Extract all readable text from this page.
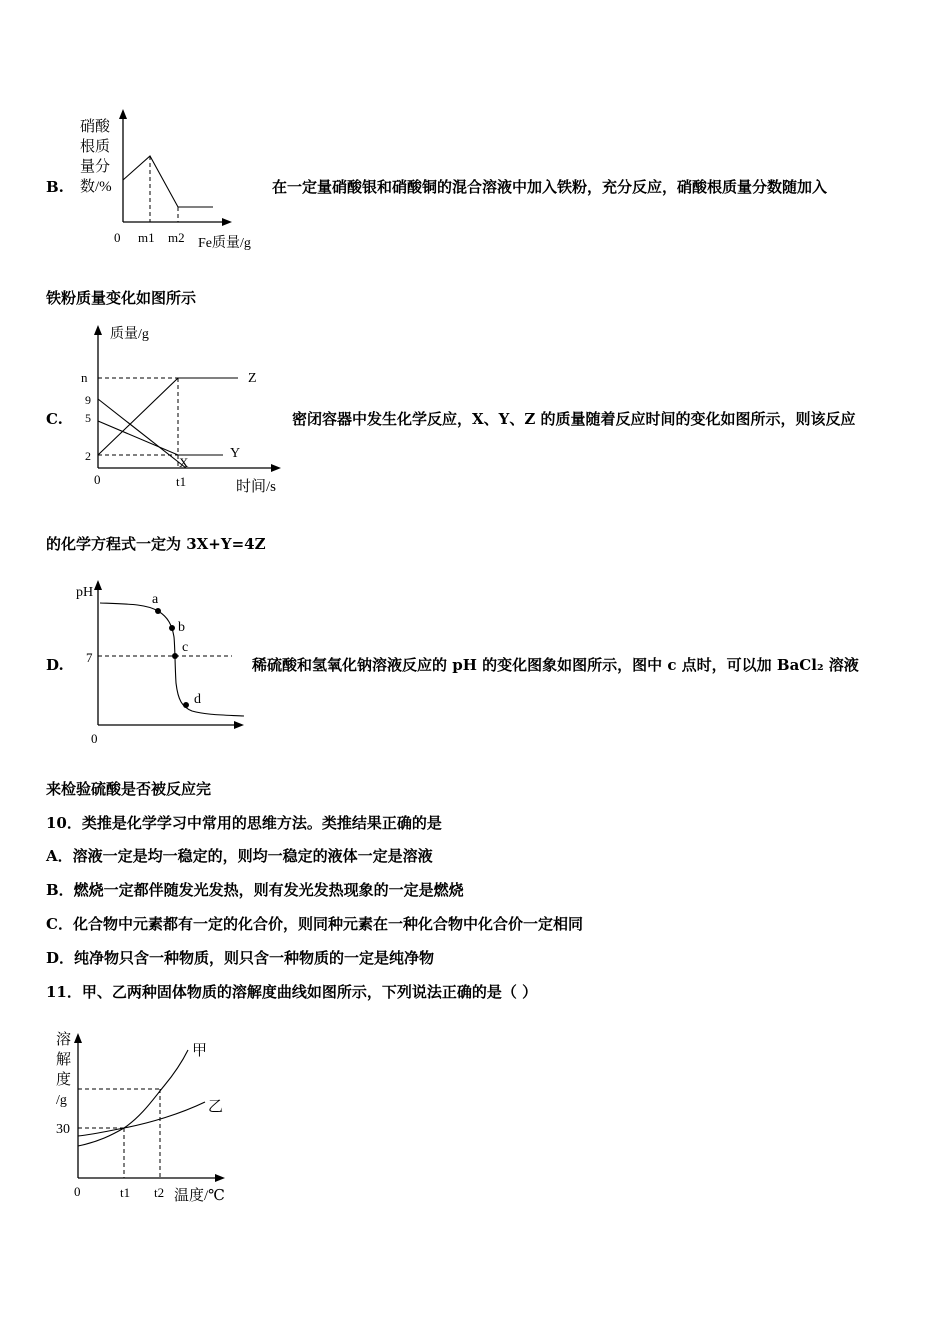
B.
硝酸
根质
量分
数/%
0 m1 m2 Fe质量/g
在一定量硝酸银和硝酸铜的混合溶液中加入铁粉，充分反应，硝酸根质量分数随加入
铁粉质量变化如图所示
C.
质量/g
n
9
5
2
0	t1	时间/s
Z
Y
X
密闭容器中发生化学反应，X、Y、Z 的质量随着反应时间的变化如图所示，则该反应
的化学方程式一定为 3X+Y=4Z
D.
pH
7
0
a
b
c
d
稀硫酸和氢氧化钠溶液反应的 pH 的变化图象如图所示，图中 c 点时，可以加 BaCl₂ 溶液
来检验硫酸是否被反应完
10．类推是化学学习中常用的思维方法。类推结果正确的是
A．溶液一定是均一稳定的，则均一稳定的液体一定是溶液
B．燃烧一定都伴随发光发热，则有发光发热现象的一定是燃烧
C．化合物中元素都有一定的化合价，则同种元素在一种化合物中化合价一定相同
D．纯净物只含一种物质，则只含一种物质的一定是纯净物
11．甲、乙两种固体物质的溶解度曲线如图所示，下列说法正确的是（ ）
溶
解
度
/g
30
0	t1 t2 温度/℃
甲
乙
